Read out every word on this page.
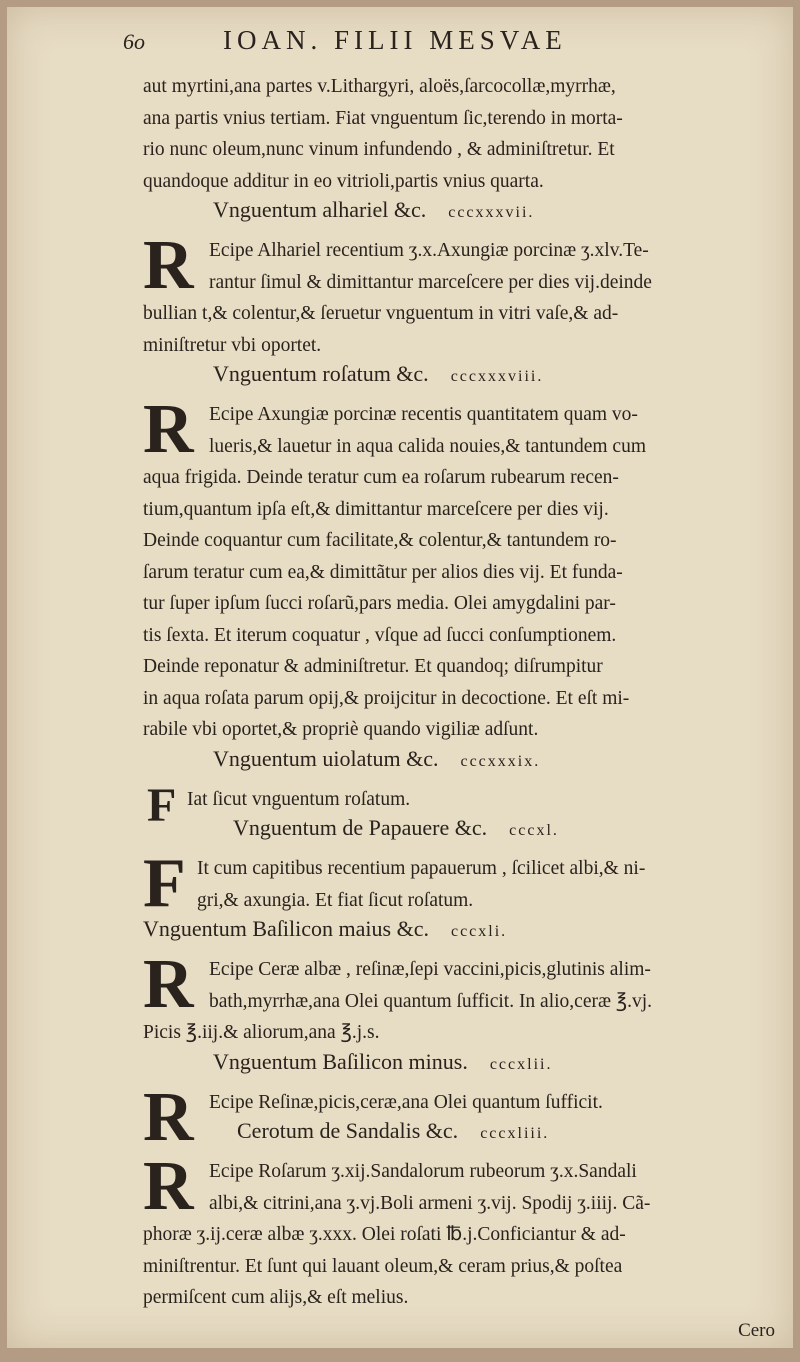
6o	IOAN. FILII MESVAE

aut myrtini,ana partes v.Lithargyri, aloës,ſarcocollæ,myrrhæ,
ana partis vnius tertiam. Fiat vnguentum ſic,terendo in morta-
rio nunc oleum,nunc vinum infundendo , & adminiſtretur. Et
quandoque additur in eo vitrioli,partis vnius quarta.

Vnguentum alhariel &c. cccxxxvii.
R Ecipe Alhariel recentium ʒ.x.Axungiæ porcinæ ʒ.xlv.Te-
rantur ſimul & dimittantur marceſcere per dies vij.deinde
bullian t,& colentur,& ſeruetur vnguentum in vitri vaſe,& ad-
miniſtretur vbi oportet.

Vnguentum roſatum &c. cccxxxviii.
R Ecipe Axungiæ porcinæ recentis quantitatem quam vo-
lueris,& lauetur in aqua calida nouies,& tantundem cum
aqua frigida. Deinde teratur cum ea roſarum rubearum recen-
tium,quantum ipſa eſt,& dimittantur marceſcere per dies vij.
Deinde coquantur cum facilitate,& colentur,& tantundem ro-
ſarum teratur cum ea,& dimittãtur per alios dies vij. Et funda-
tur ſuper ipſum ſucci roſarũ,pars media. Olei amygdalini par-
tis ſexta. Et iterum coquatur , vſque ad ſucci conſumptionem.
Deinde reponatur & adminiſtretur. Et quandoq; diſrumpitur
in aqua roſata parum opij,& proijcitur in decoctione. Et eſt mi-
rabile vbi oportet,& propriè quando vigiliæ adſunt.

Vnguentum uiolatum &c. cccxxxix.
F Iat ſicut vnguentum roſatum.

Vnguentum de Papauere &c. cccxl.
F It cum capitibus recentium papauerum , ſcilicet albi,& ni-
gri,& axungia. Et fiat ſicut roſatum.

Vnguentum Baſilicon maius &c. cccxli.
R Ecipe Ceræ albæ , reſinæ,ſepi vaccini,picis,glutinis alim-
bath,myrrhæ,ana Olei quantum ſufficit. In alio,ceræ ℥.vj.
Picis ℥.iij.& aliorum,ana ℥.j.s.

Vnguentum Baſilicon minus. cccxlii.
R Ecipe Reſinæ,picis,ceræ,ana Olei quantum ſufficit.

Cerotum de Sandalis &c. cccxliii.
R Ecipe Roſarum ʒ.xij.Sandalorum rubeorum ʒ.x.Sandali
albi,& citrini,ana ʒ.vj.Boli armeni ʒ.vij. Spodij ʒ.iiij. Cã-
phoræ ʒ.ij.ceræ albæ ʒ.xxx. Olei roſati ℔.j.Conficiantur & ad-
miniſtrentur. Et ſunt qui lauant oleum,& ceram prius,& poſtea
permiſcent cum alijs,& eſt melius.

Cero
